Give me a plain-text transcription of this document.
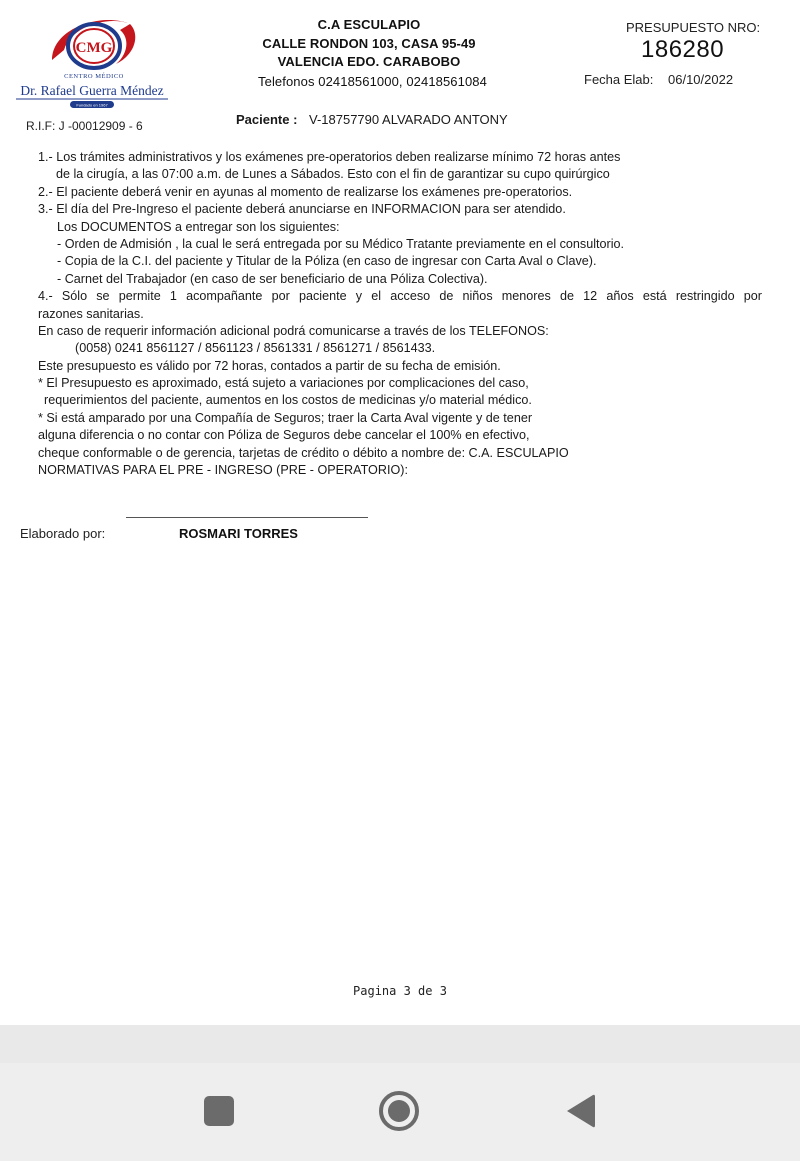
CMG
CENTRO MÉDICO
Dr. Rafael Guerra Méndez
Fundado en 1967
C.A ESCULAPIO
CALLE RONDON 103, CASA 95-49
VALENCIA EDO. CARABOBO
Telefonos 02418561000, 02418561084
PRESUPUESTO NRO:
186280
Fecha Elab: 06/10/2022
R.I.F: J -00012909 - 6	Paciente : V-18757790 ALVARADO ANTONY
1.- Los trámites administrativos y los exámenes pre-operatorios deben realizarse mínimo 72 horas antes
de la cirugía, a las 07:00 a.m. de Lunes a Sábados. Esto con el fin de garantizar su cupo quirúrgico
2.- El paciente deberá venir en ayunas al momento de realizarse los exámenes pre-operatorios.
3.- El día del Pre-Ingreso el paciente deberá anunciarse en INFORMACION para ser atendido.
Los DOCUMENTOS a entregar son los siguientes:
- Orden de Admisión , la cual le será entregada por su Médico Tratante previamente en el consultorio.
- Copia de la C.I. del paciente y Titular de la Póliza (en caso de ingresar con Carta Aval o Clave).
- Carnet del Trabajador (en caso de ser beneficiario de una Póliza Colectiva).
4.- Sólo se permite 1 acompañante por paciente y el acceso de niños menores de 12 años está restringido por
razones sanitarias.
En caso de requerir información adicional podrá comunicarse a través de los TELEFONOS:
(0058) 0241 8561127 / 8561123 / 8561331 / 8561271 / 8561433.
Este presupuesto es válido por 72 horas, contados a partir de su fecha de emisión.
* El Presupuesto es aproximado, está sujeto a variaciones por complicaciones del caso,
requerimientos del paciente, aumentos en los costos de medicinas y/o material médico.
* Si está amparado por una Compañía de Seguros; traer la Carta Aval vigente y de tener
alguna diferencia o no contar con Póliza de Seguros debe cancelar el 100% en efectivo,
cheque conformable o de gerencia, tarjetas de crédito o débito a nombre de: C.A. ESCULAPIO
NORMATIVAS PARA EL PRE - INGRESO (PRE - OPERATORIO):
Elaborado por:	ROSMARI TORRES
Pagina 3 de 3
